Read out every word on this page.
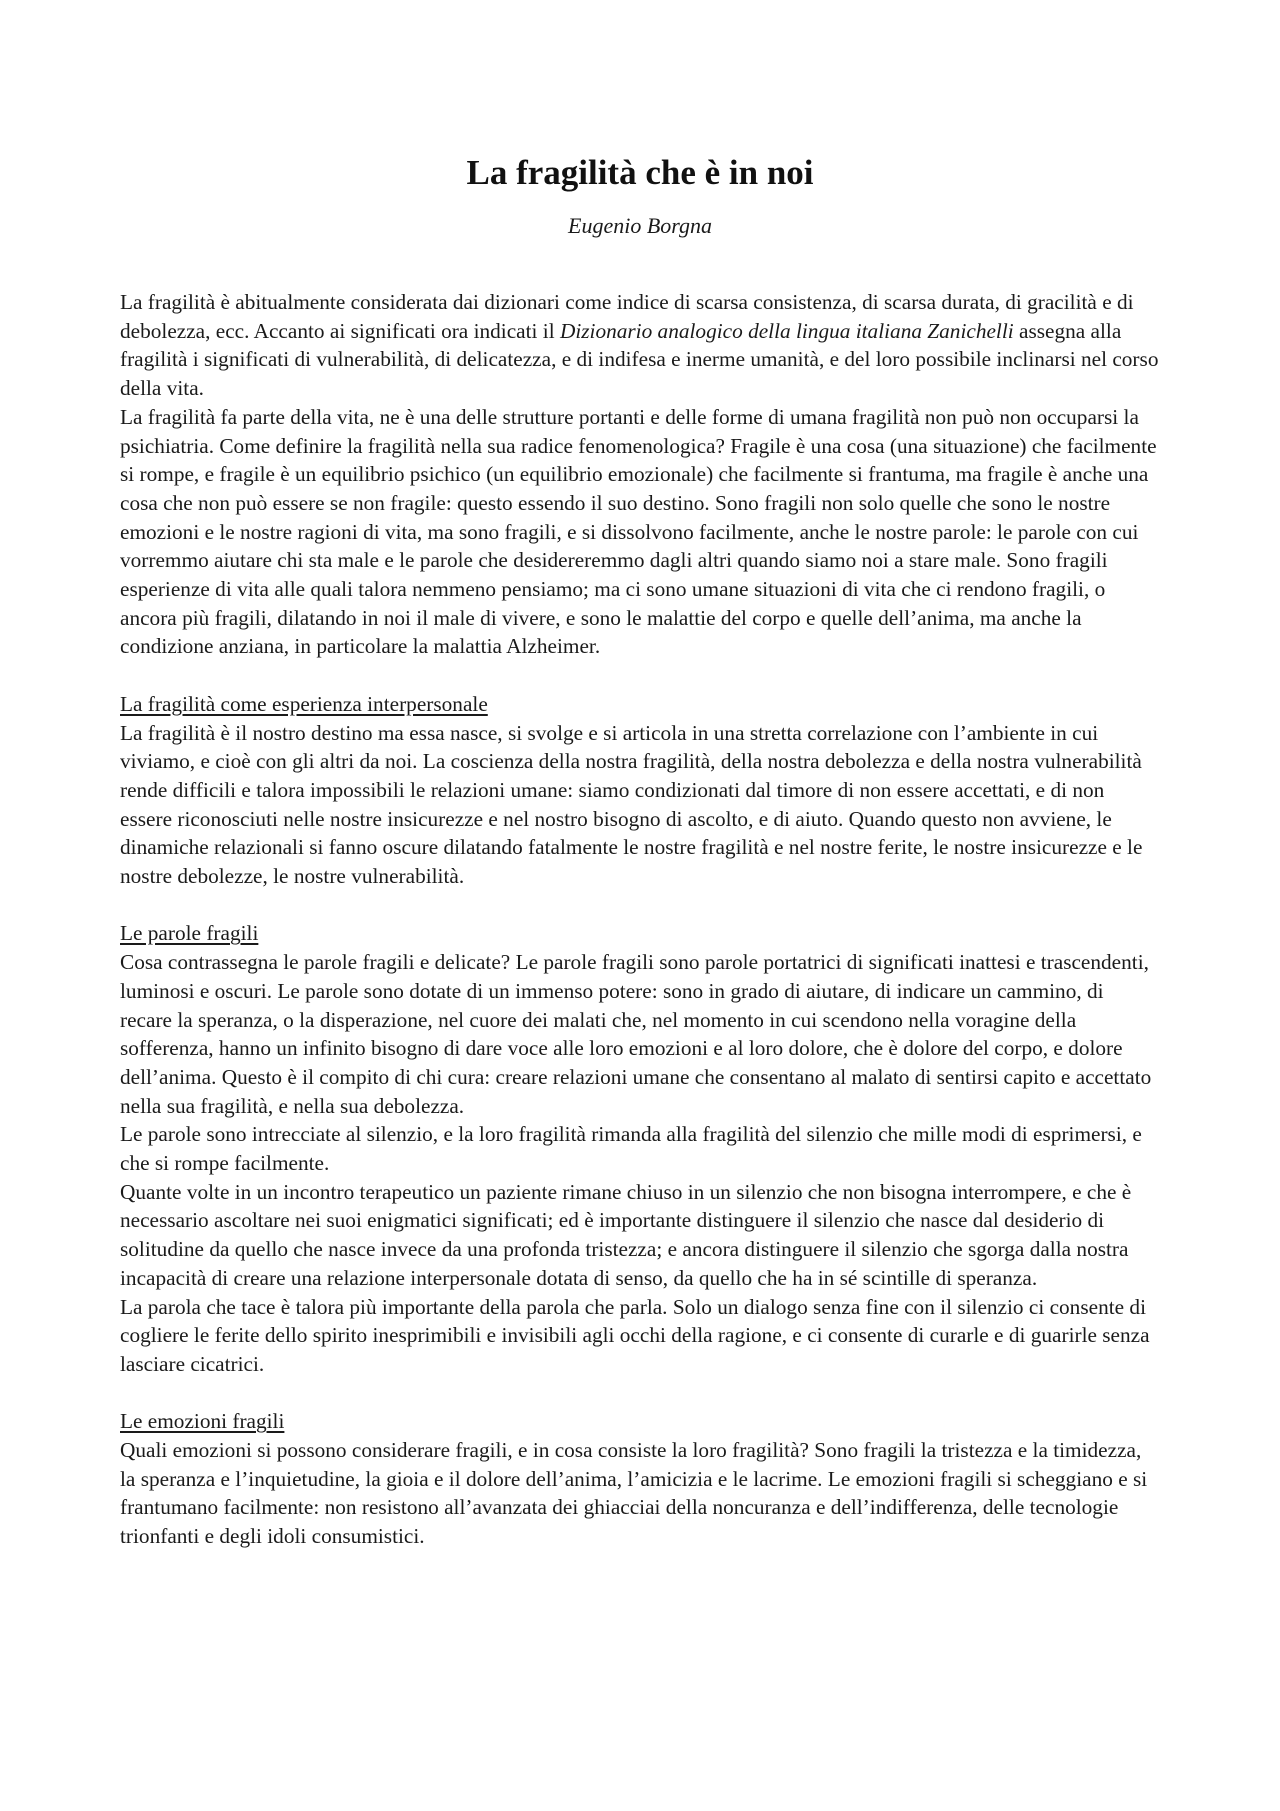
La fragilità che è in noi
Eugenio Borgna

La fragilità è abitualmente considerata dai dizionari come indice di scarsa consistenza, di scarsa durata, di gracilità e di debolezza, ecc. Accanto ai significati ora indicati il Dizionario analogico della lingua italiana Zanichelli assegna alla fragilità i significati di vulnerabilità, di delicatezza, e di indifesa e inerme umanità, e del loro possibile inclinarsi nel corso della vita.

La fragilità fa parte della vita, ne è una delle strutture portanti e delle forme di umana fragilità non può non occuparsi la psichiatria. Come definire la fragilità nella sua radice fenomenologica? Fragile è una cosa (una situazione) che facilmente si rompe, e fragile è un equilibrio psichico (un equilibrio emozionale) che facilmente si frantuma, ma fragile è anche una cosa che non può essere se non fragile: questo essendo il suo destino. Sono fragili non solo quelle che sono le nostre emozioni e le nostre ragioni di vita, ma sono fragili, e si dissolvono facilmente, anche le nostre parole: le parole con cui vorremmo aiutare chi sta male e le parole che desidereremmo dagli altri quando siamo noi a stare male. Sono fragili esperienze di vita alle quali talora nemmeno pensiamo; ma ci sono umane situazioni di vita che ci rendono fragili, o ancora più fragili, dilatando in noi il male di vivere, e sono le malattie del corpo e quelle dell’anima, ma anche la condizione anziana, in particolare la malattia Alzheimer.

La fragilità come esperienza interpersonale

La fragilità è il nostro destino ma essa nasce, si svolge e si articola in una stretta correlazione con l’ambiente in cui viviamo, e cioè con gli altri da noi. La coscienza della nostra fragilità, della nostra debolezza e della nostra vulnerabilità rende difficili e talora impossibili le relazioni umane: siamo condizionati dal timore di non essere accettati, e di non essere riconosciuti nelle nostre insicurezze e nel nostro bisogno di ascolto, e di aiuto. Quando questo non avviene, le dinamiche relazionali si fanno oscure dilatando fatalmente le nostre fragilità e nel nostre ferite, le nostre insicurezze e le nostre debolezze, le nostre vulnerabilità.

Le parole fragili

Cosa contrassegna le parole fragili e delicate? Le parole fragili sono parole portatrici di significati inattesi e trascendenti, luminosi e oscuri. Le parole sono dotate di un immenso potere: sono in grado di aiutare, di indicare un cammino, di recare la speranza, o la disperazione, nel cuore dei malati che, nel momento in cui scendono nella voragine della sofferenza, hanno un infinito bisogno di dare voce alle loro emozioni e al loro dolore, che è dolore del corpo, e dolore dell’anima. Questo è il compito di chi cura: creare relazioni umane che consentano al malato di sentirsi capito e accettato nella sua fragilità, e nella sua debolezza.

Le parole sono intrecciate al silenzio, e la loro fragilità rimanda alla fragilità del silenzio che mille modi di esprimersi, e che si rompe facilmente.

Quante volte in un incontro terapeutico un paziente rimane chiuso in un silenzio che non bisogna interrompere, e che è necessario ascoltare nei suoi enigmatici significati; ed è importante distinguere il silenzio che nasce dal desiderio di solitudine da quello che nasce invece da una profonda tristezza; e ancora distinguere il silenzio che sgorga dalla nostra incapacità di creare una relazione interpersonale dotata di senso, da quello che ha in sé scintille di speranza.

La parola che tace è talora più importante della parola che parla. Solo un dialogo senza fine con il silenzio ci consente di cogliere le ferite dello spirito inesprimibili e invisibili agli occhi della ragione, e ci consente di curarle e di guarirle senza lasciare cicatrici.

Le emozioni fragili

Quali emozioni si possono considerare fragili, e in cosa consiste la loro fragilità? Sono fragili la tristezza e la timidezza, la speranza e l’inquietudine, la gioia e il dolore dell’anima, l’amicizia e le lacrime. Le emozioni fragili si scheggiano e si frantumano facilmente: non resistono all’avanzata dei ghiacciai della noncuranza e dell’indifferenza, delle tecnologie trionfanti e degli idoli consumistici.
